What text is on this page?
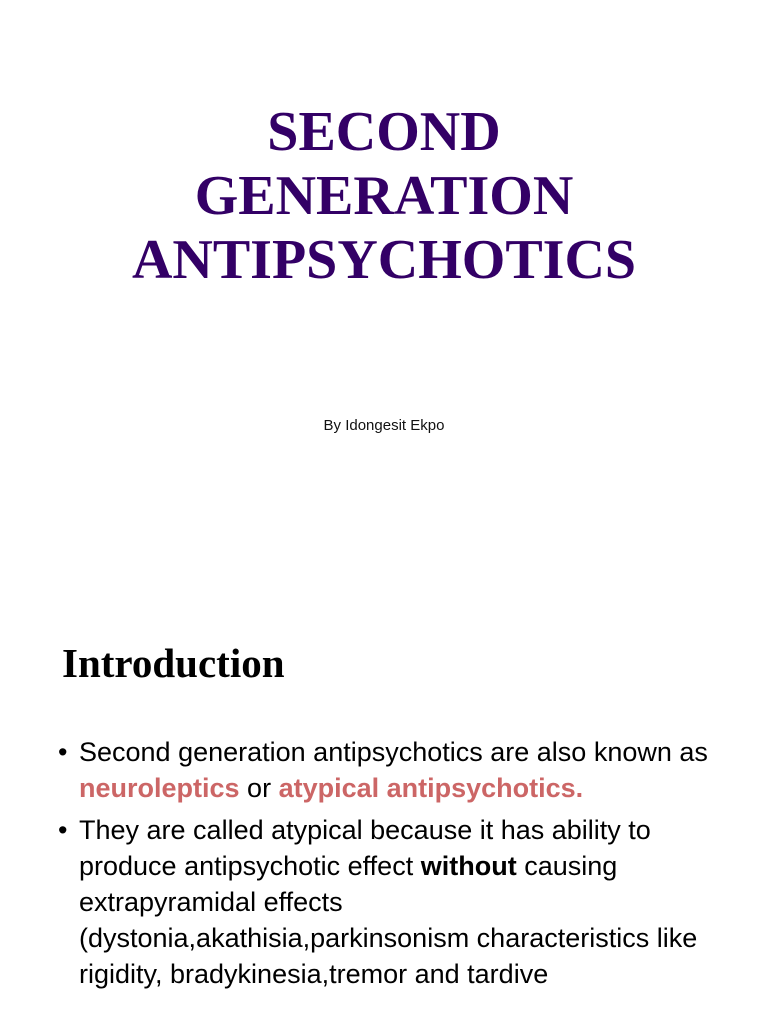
SECOND
GENERATION
ANTIPSYCHOTICS
By Idongesit Ekpo
Introduction
• Second generation antipsychotics are also known as neuroleptics or atypical antipsychotics.
• They are called atypical because it has ability to produce antipsychotic effect without causing extrapyramidal effects (dystonia,akathisia,parkinsonism characteristics like rigidity, bradykinesia,tremor and tardive
